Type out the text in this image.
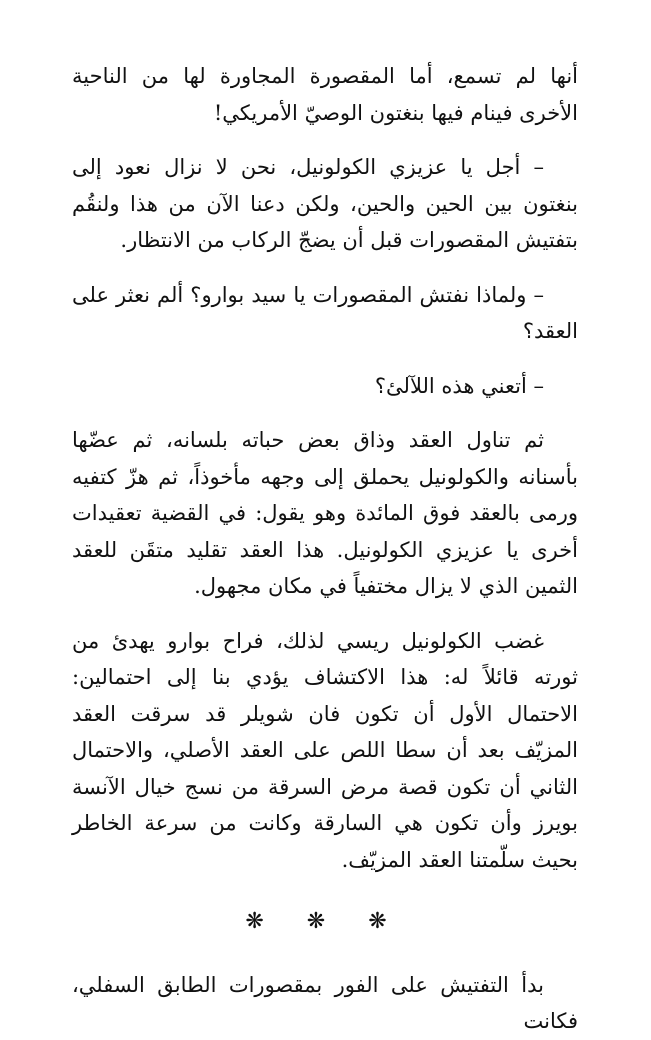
أنها لم تسمع، أما المقصورة المجاورة لها من الناحية الأخرى فينام فيها بنغتون الوصيّ الأمريكي!

– أجل يا عزيزي الكولونيل، نحن لا نزال نعود إلى بنغتون بين الحين والحين، ولكن دعنا الآن من هذا ولنقُم بتفتيش المقصورات قبل أن يضجّ الركاب من الانتظار.

– ولماذا نفتش المقصورات يا سيد بوارو؟ ألم نعثر على العقد؟

– أتعني هذه اللآلئ؟

ثم تناول العقد وذاق بعض حباته بلسانه، ثم عضّها بأسنانه والكولونيل يحملق إلى وجهه مأخوذاً، ثم هزّ كتفيه ورمى بالعقد فوق المائدة وهو يقول: في القضية تعقيدات أخرى يا عزيزي الكولونيل. هذا العقد تقليد متقَن للعقد الثمين الذي لا يزال مختفياً في مكان مجهول.

غضب الكولونيل ريسي لذلك، فراح بوارو يهدئ من ثورته قائلاً له: هذا الاكتشاف يؤدي بنا إلى احتمالين: الاحتمال الأول أن تكون فان شويلر قد سرقت العقد المزيّف بعد أن سطا اللص على العقد الأصلي، والاحتمال الثاني أن تكون قصة مرض السرقة من نسج خيال الآنسة بويرز وأن تكون هي السارقة وكانت من سرعة الخاطر بحيث سلّمتنا العقد المزيّف.

❋ ❋ ❋

بدأ التفتيش على الفور بمقصورات الطابق السفلي، فكانت
